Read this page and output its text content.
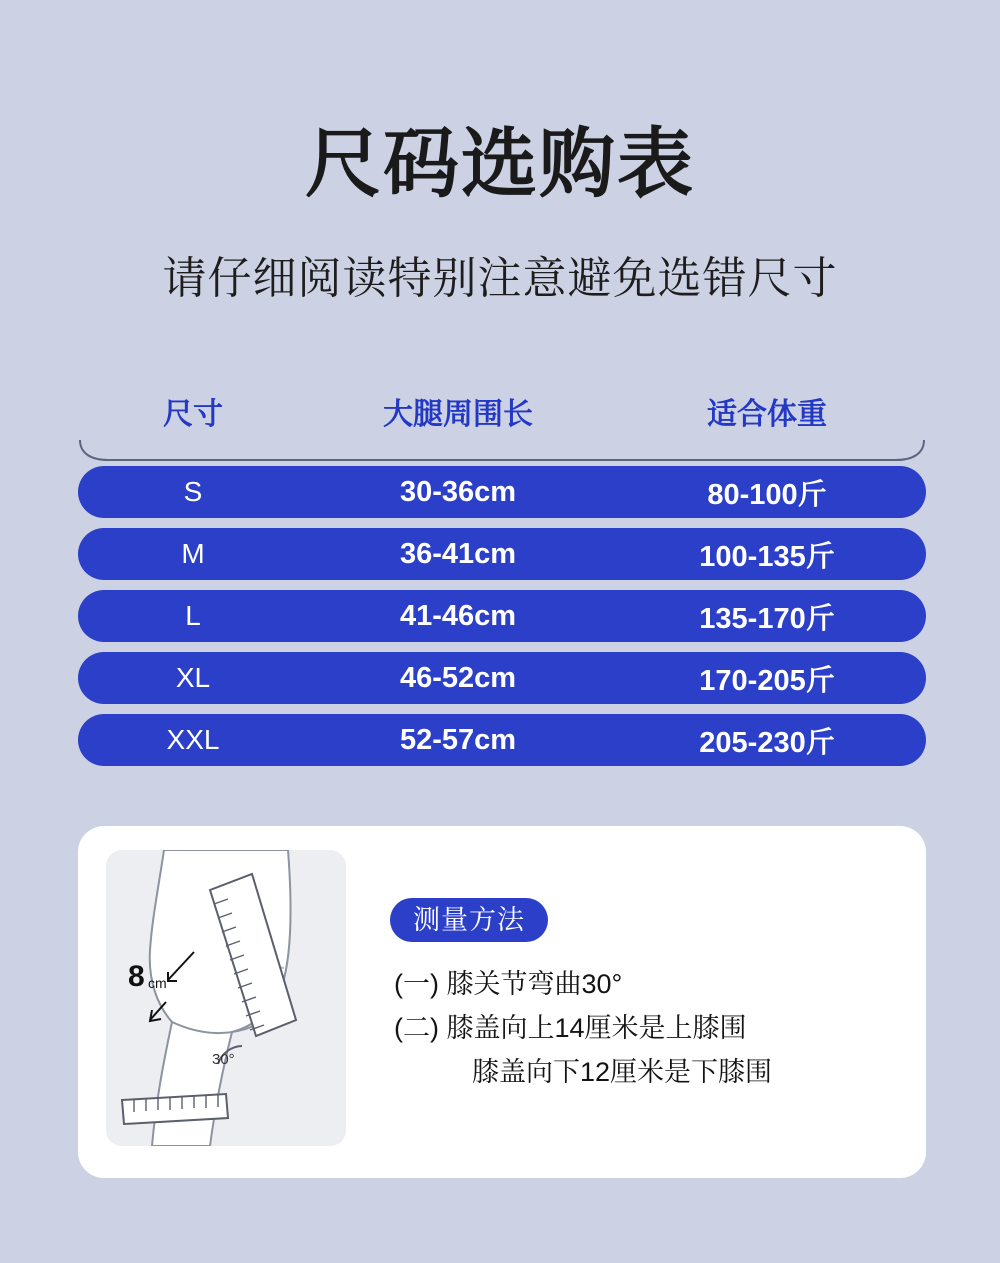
尺码选购表
请仔细阅读特别注意避免选错尺寸
尺寸	大腿周围长	适合体重
S	30-36cm	80-100斤
M	36-41cm	100-135斤
L	41-46cm	135-170斤
XL	46-52cm	170-205斤
XXL	52-57cm	205-230斤
8 cm
30°
测量方法
(一) 膝关节弯曲30°
(二) 膝盖向上14厘米是上膝围
膝盖向下12厘米是下膝围
